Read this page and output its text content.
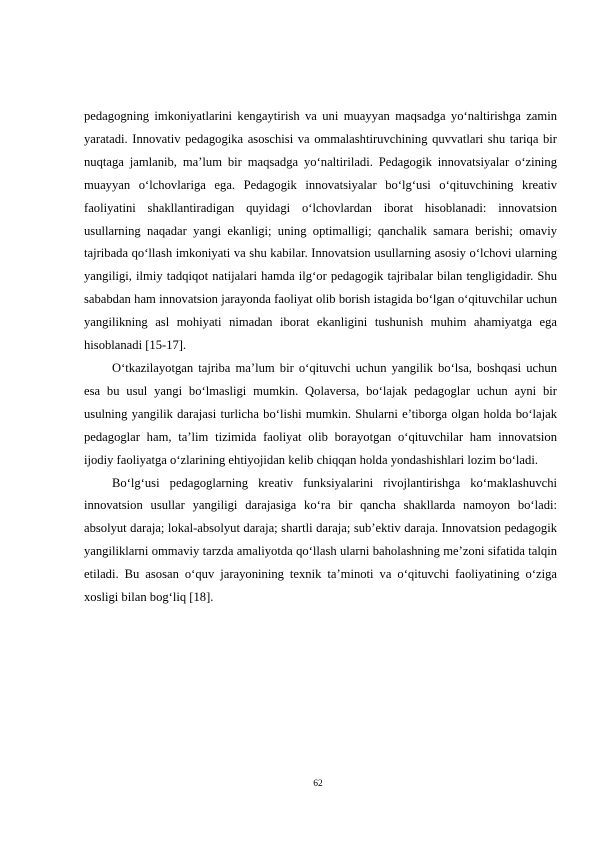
pedagogning imkoniyatlarini kengaytirish va uni muayyan maqsadga yo‘naltirishga zamin yaratadi. Innovativ pedagogika asoschisi va ommalashtiruvchining quvvatlari shu tariqa bir nuqtaga jamlanib, ma’lum bir maqsadga yo‘naltiriladi. Pedagogik innovatsiyalar o‘zining muayyan o‘lchovlariga ega. Pedagogik innovatsiyalar bo‘lg‘usi o‘qituvchining kreativ faoliyatini shakllantiradigan quyidagi o‘lchovlardan iborat hisoblanadi: innovatsion usullarning naqadar yangi ekanligi; uning optimalligi; qanchalik samara berishi; omaviy tajribada qo‘llash imkoniyati va shu kabilar. Innovatsion usullarning asosiy o‘lchovi ularning yangiligi, ilmiy tadqiqot natijalari hamda ilg‘or pedagogik tajribalar bilan tengligidadir. Shu sababdan ham innovatsion jarayonda faoliyat olib borish istagida bo‘lgan o‘qituvchilar uchun yangilikning asl mohiyati nimadan iborat ekanligini tushunish muhim ahamiyatga ega hisoblanadi [15-17].

O‘tkazilayotgan tajriba ma’lum bir o‘qituvchi uchun yangilik bo‘lsa, boshqasi uchun esa bu usul yangi bo‘lmasligi mumkin. Qolaversa, bo‘lajak pedagoglar uchun ayni bir usulning yangilik darajasi turlicha bo‘lishi mumkin. Shularni e’tiborga olgan holda bo‘lajak pedagoglar ham, ta’lim tizimida faoliyat olib borayotgan o‘qituvchilar ham innovatsion ijodiy faoliyatga o‘zlarining ehtiyojidan kelib chiqqan holda yondashishlari lozim bo‘ladi.

Bo‘lg‘usi pedagoglarning kreativ funksiyalarini rivojlantirishga ko‘maklashuvchi innovatsion usullar yangiligi darajasiga ko‘ra bir qancha shakllarda namoyon bo‘ladi: absolyut daraja; lokal-absolyut daraja; shartli daraja; sub’ektiv daraja. Innovatsion pedagogik yangiliklarni ommaviy tarzda amaliyotda qo‘llash ularni baholashning me’zoni sifatida talqin etiladi. Bu asosan o‘quv jarayonining texnik ta’minoti va o‘qituvchi faoliyatining o‘ziga xosligi bilan bog‘liq [18].

62
